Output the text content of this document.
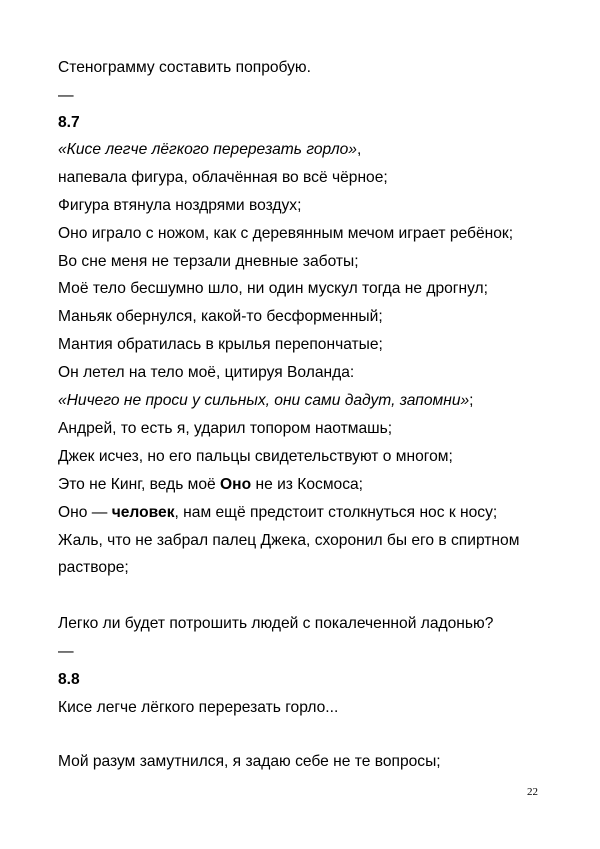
Стенограмму составить попробую.
—
8.7
«Кисе легче лёгкого перерезать горло»,
напевала фигура, облачённая во всё чёрное;
Фигура втянула ноздрями воздух;
Оно играло с ножом, как с деревянным мечом играет ребёнок;
Во сне меня не терзали дневные заботы;
Моё тело бесшумно шло, ни один мускул тогда не дрогнул;
Маньяк обернулся, какой-то бесформенный;
Мантия обратилась в крылья перепончатые;
Он летел на тело моё, цитируя Воланда:
«Ничего не проси у сильных, они сами дадут, запомни»;
Андрей, то есть я, ударил топором наотмашь;
Джек исчез, но его пальцы свидетельствуют о многом;
Это не Кинг, ведь моё Оно не из Космоса;
Оно — человек, нам ещё предстоит столкнуться нос к носу;
Жаль, что не забрал палец Джека, схоронил бы его в спиртном
растворе;
Легко ли будет потрошить людей с покалеченной ладонью?
—
8.8
Кисе легче лёгкого перерезать горло...
Мой разум замутнился, я задаю себе не те вопросы;
22
